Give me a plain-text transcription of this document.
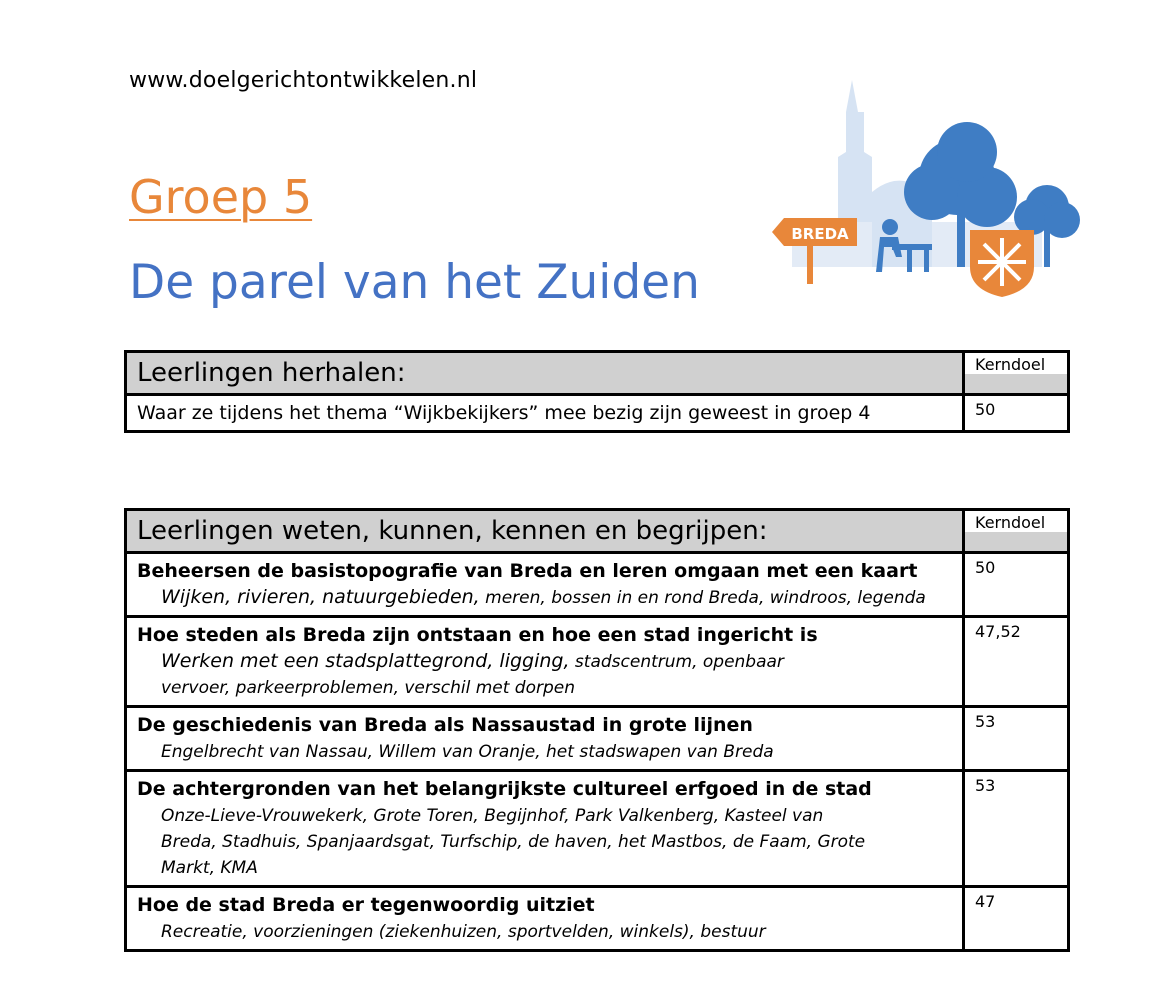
www.doelgerichtontwikkelen.nl
Groep 5
De parel van het Zuiden
BREDA
Leerlingen herhalen:	Kerndoel

Waar ze tijdens het thema “Wijkbekijkers” mee bezig zijn geweest in groep 4	50
Leerlingen weten, kunnen, kennen en begrijpen:	Kerndoel

Beheersen de basistopografie van Breda en leren omgaan met een kaart
Wijken, rivieren, natuurgebieden, meren, bossen in en rond Breda, windroos, legenda	50

Hoe steden als Breda zijn ontstaan en hoe een stad ingericht is
Werken met een stadsplattegrond, ligging, stadscentrum, openbaar vervoer, parkeerproblemen, verschil met dorpen	47,52

De geschiedenis van Breda als Nassaustad in grote lijnen
Engelbrecht van Nassau, Willem van Oranje, het stadswapen van Breda	53

De achtergronden van het belangrijkste cultureel erfgoed in de stad
Onze-Lieve-Vrouwekerk, Grote Toren, Begijnhof, Park Valkenberg, Kasteel van Breda, Stadhuis, Spanjaardsgat, Turfschip, de haven, het Mastbos, de Faam, Grote Markt, KMA	53

Hoe de stad Breda er tegenwoordig uitziet
Recreatie, voorzieningen (ziekenhuizen, sportvelden, winkels), bestuur	47
